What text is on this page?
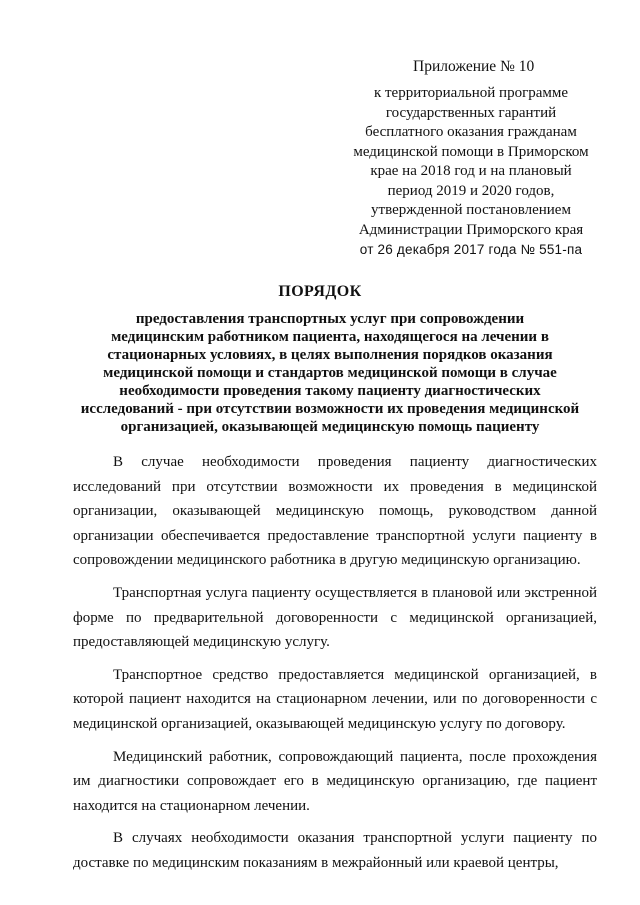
Приложение № 10
к территориальной программе
государственных гарантий
бесплатного оказания гражданам
медицинской помощи в Приморском
крае на 2018 год и на плановый
период 2019 и 2020 годов,
утвержденной постановлением
Администрации Приморского края
от 26 декабря 2017 года № 551-па
ПОРЯДОК
предоставления транспортных услуг при сопровождении
медицинским работником пациента, находящегося на лечении в
стационарных условиях, в целях выполнения порядков оказания
медицинской помощи и стандартов медицинской помощи в случае
необходимости проведения такому пациенту диагностических
исследований - при отсутствии возможности их проведения медицинской
организацией, оказывающей медицинскую помощь пациенту

В случае необходимости проведения пациенту диагностических исследований при отсутствии возможности их проведения в медицинской организации, оказывающей медицинскую помощь, руководством данной организации обеспечивается предоставление транспортной услуги пациенту в сопровождении медицинского работника в другую медицинскую организацию.

Транспортная услуга пациенту осуществляется в плановой или экстренной форме по предварительной договоренности с медицинской организацией, предоставляющей медицинскую услугу.

Транспортное средство предоставляется медицинской организацией, в которой пациент находится на стационарном лечении, или по договоренности с медицинской организацией, оказывающей медицинскую услугу по договору.

Медицинский работник, сопровождающий пациента, после прохождения им диагностики сопровождает его в медицинскую организацию, где пациент находится на стационарном лечении.

В случаях необходимости оказания транспортной услуги пациенту по доставке по медицинским показаниям в межрайонный или краевой центры,
